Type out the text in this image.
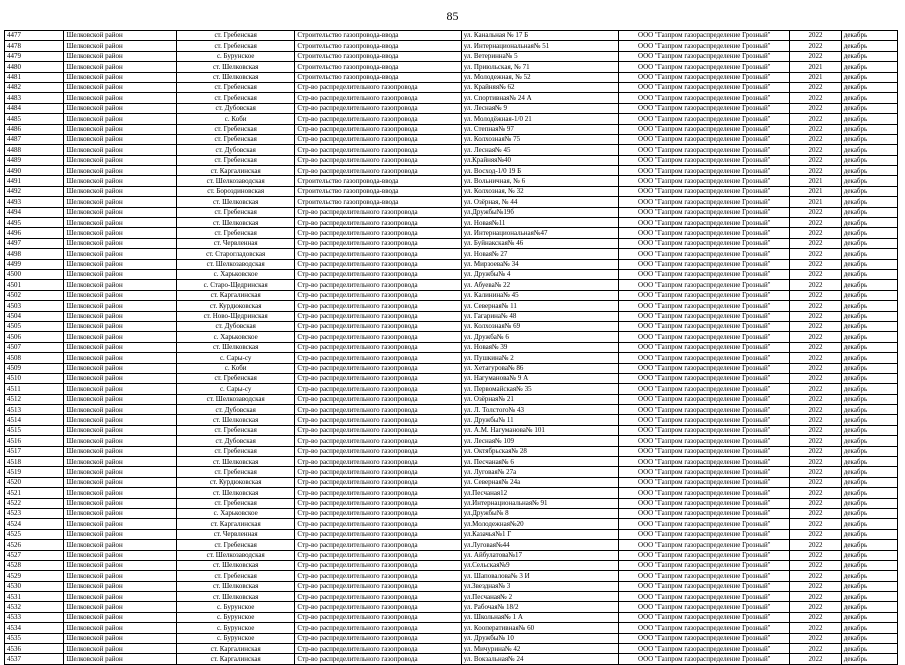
85
4477	Шелковской район	ст. Гребенская	Строительство газопровода-ввода	ул. Канальная № 17 Б	ООО "Газпром газораспределение Грозный"	2022	декабрь
4478	Шелковской район	ст. Гребенская	Строительство газопровода-ввода	ул. Интернациональная№ 51	ООО "Газпром газораспределение Грозный"	2022	декабрь
4479	Шелковской район	с. Бурунское	Строительство газопровода-ввода	ул. Ветеринна№ 5	ООО "Газпром газораспределение Грозный"	2022	декабрь
4480	Шелковской район	ст. Шелковская	Строительство газопровода-ввода	ул. Приюльская, № 71	ООО "Газпром газораспределение Грозный"	2021	декабрь
4481	Шелковской район	ст. Шелковская	Строительство газопровода-ввода	ул. Молодежная, № 52	ООО "Газпром газораспределение Грозный"	2021	декабрь
4482	Шелковской район	ст. Гребенская	Стр-во распределительного газопровода	ул. Крайняя№ 62	ООО "Газпром газораспределение Грозный"	2022	декабрь
4483	Шелковской район	ст. Гребенская	Стр-во распределительного газопровода	ул. Спортивная№ 24 А	ООО "Газпром газораспределение Грозный"	2022	декабрь
4484	Шелковской район	ст. Дубовская	Стр-во распределительного газопровода	ул. Лесная№ 9	ООО "Газпром газораспределение Грозный"	2022	декабрь
4485	Шелковской район	с. Коби	Стр-во распределительного газопровода	ул. Молодёжная-1/0 21	ООО "Газпром газораспределение Грозный"	2022	декабрь
4486	Шелковской район	ст. Гребенская	Стр-во распределительного газопровода	ул. Степная№ 97	ООО "Газпром газораспределение Грозный"	2022	декабрь
4487	Шелковской район	ст. Гребенская	Стр-во распределительного газопровода	ул. Колхозная№ 75	ООО "Газпром газораспределение Грозный"	2022	декабрь
4488	Шелковской район	ст. Дубовская	Стр-во распределительного газопровода	ул. Лесная№ 45	ООО "Газпром газораспределение Грозный"	2022	декабрь
4489	Шелковской район	ст. Гребенская	Стр-во распределительного газопровода	ул.Крайняя№40	ООО "Газпром газораспределение Грозный"	2022	декабрь
4490	Шелковской район	ст. Каргалинская	Стр-во распределительного газопровода	ул. Восход-1/0 19 Б	ООО "Газпром газораспределение Грозный"	2022	декабрь
4491	Шелковской район	ст. Шелкозаводская	Строительство газопровода-ввода	ул. Вольничная, № 6	ООО "Газпром газораспределение Грозный"	2021	декабрь
4492	Шелковской район	ст. Бороздиновская	Строительство газопровода-ввода	ул. Колхозная, № 32	ООО "Газпром газораспределение Грозный"	2021	декабрь
4493	Шелковской район	ст. Шелковская	Строительство газопровода-ввода	ул. Озёрная, № 44	ООО "Газпром газораспределение Грозный"	2021	декабрь
4494	Шелковской район	ст. Гребенская	Стр-во распределительного газопровода	ул.Дружбы№19б	ООО "Газпром газораспределение Грозный"	2022	декабрь
4495	Шелковской район	ст. Шелковская	Стр-во распределительного газопровода	ул. Новая№11	ООО "Газпром газораспределение Грозный"	2022	декабрь
4496	Шелковской район	ст. Гребенская	Стр-во распределительного газопровода	ул. Интернациональная№47	ООО "Газпром газораспределение Грозный"	2022	декабрь
4497	Шелковской район	ст. Червленная	Стр-во распределительного газопровода	ул. Буйнакская№ 46	ООО "Газпром газораспределение Грозный"	2022	декабрь
4498	Шелковской район	ст. Старогладовская	Стр-во распределительного газопровода	ул. Новая№ 27	ООО "Газпром газораспределение Грозный"	2022	декабрь
4499	Шелковской район	ст. Шелкозаводская	Стр-во распределительного газопровода	ул. Мирзоева№ 34	ООО "Газпром газораспределение Грозный"	2022	декабрь
4500	Шелковской район	с. Харьковское	Стр-во распределительного газопровода	ул. Дружбы№ 4	ООО "Газпром газораспределение Грозный"	2022	декабрь
4501	Шелковской район	с. Старо-Щедринская	Стр-во распределительного газопровода	ул. Абуева№ 22	ООО "Газпром газораспределение Грозный"	2022	декабрь
4502	Шелковской район	ст. Каргалинская	Стр-во распределительного газопровода	ул. Калинина№ 45	ООО "Газпром газораспределение Грозный"	2022	декабрь
4503	Шелковской район	ст. Курдюковская	Стр-во распределительного газопровода	ул. Северная№ 11	ООО "Газпром газораспределение Грозный"	2022	декабрь
4504	Шелковской район	ст. Ново-Щедринская	Стр-во распределительного газопровода	ул. Гагарина№ 48	ООО "Газпром газораспределение Грозный"	2022	декабрь
4505	Шелковской район	ст. Дубовская	Стр-во распределительного газопровода	ул. Колхозная№ 69	ООО "Газпром газораспределение Грозный"	2022	декабрь
4506	Шелковской район	с. Харьковское	Стр-во распределительного газопровода	ул. Дружба№ 6	ООО "Газпром газораспределение Грозный"	2022	декабрь
4507	Шелковской район	ст. Шелковская	Стр-во распределительного газопровода	ул. Новая№ 39	ООО "Газпром газораспределение Грозный"	2022	декабрь
4508	Шелковской район	с. Сары-су	Стр-во распределительного газопровода	ул. Пушкина№ 2	ООО "Газпром газораспределение Грозный"	2022	декабрь
4509	Шелковской район	с. Коби	Стр-во распределительного газопровода	ул. Хетагурова№ 86	ООО "Газпром газораспределение Грозный"	2022	декабрь
4510	Шелковской район	ст. Гребенская	Стр-во распределительного газопровода	ул. Нагуманова№ 9 А	ООО "Газпром газораспределение Грозный"	2022	декабрь
4511	Шелковской район	с. Сары-су	Стр-во распределительного газопровода	ул. Первомайская№ 35	ООО "Газпром газораспределение Грозный"	2022	декабрь
4512	Шелковской район	ст. Шелкозаводская	Стр-во распределительного газопровода	ул. Озёрная№ 21	ООО "Газпром газораспределение Грозный"	2022	декабрь
4513	Шелковской район	ст. Дубовская	Стр-во распределительного газопровода	ул. Л. Толстого№ 43	ООО "Газпром газораспределение Грозный"	2022	декабрь
4514	Шелковской район	ст. Шелковская	Стр-во распределительного газопровода	ул. Дружбы№ 11	ООО "Газпром газораспределение Грозный"	2022	декабрь
4515	Шелковской район	ст. Гребенская	Стр-во распределительного газопровода	ул. А.М. Нагуманова№ 101	ООО "Газпром газораспределение Грозный"	2022	декабрь
4516	Шелковской район	ст. Дубовская	Стр-во распределительного газопровода	ул. Лесная№ 109	ООО "Газпром газораспределение Грозный"	2022	декабрь
4517	Шелковской район	ст. Гребенская	Стр-во распределительного газопровода	ул. Октябрьская№ 28	ООО "Газпром газораспределение Грозный"	2022	декабрь
4518	Шелковской район	ст. Шелковская	Стр-во распределительного газопровода	ул. Песчаная№ 6	ООО "Газпром газораспределение Грозный"	2022	декабрь
4519	Шелковской район	ст. Гребенская	Стр-во распределительного газопровода	ул. Луговая№ 27а	ООО "Газпром газораспределение Грозный"	2022	декабрь
4520	Шелковской район	ст. Курдюковская	Стр-во распределительного газопровода	ул. Северная№ 24а	ООО "Газпром газораспределение Грозный"	2022	декабрь
4521	Шелковской район	ст. Шелковская	Стр-во распределительного газопровода	ул.Песчаная12	ООО "Газпром газораспределение Грозный"	2022	декабрь
4522	Шелковской район	ст. Гребенская	Стр-во распределительного газопровода	ул.Интернациональная№ 91	ООО "Газпром газораспределение Грозный"	2022	декабрь
4523	Шелковской район	с. Харьковское	Стр-во распределительного газопровода	ул.Дружбы№ 8	ООО "Газпром газораспределение Грозный"	2022	декабрь
4524	Шелковской район	ст. Каргалинская	Стр-во распределительного газопровода	ул.Молодежная№20	ООО "Газпром газораспределение Грозный"	2022	декабрь
4525	Шелковской район	ст. Червленная	Стр-во распределительного газопровода	ул.Казачья№1 Г	ООО "Газпром газораспределение Грозный"	2022	декабрь
4526	Шелковской район	ст. Гребенская	Стр-во распределительного газопровода	ул.Луговая№44	ООО "Газпром газораспределение Грозный"	2022	декабрь
4527	Шелковской район	ст. Шелкозаводская	Стр-во распределительного газопровода	ул. Айбулатова№17	ООО "Газпром газораспределение Грозный"	2022	декабрь
4528	Шелковской район	ст. Шелковская	Стр-во распределительного газопровода	ул.Сельская№9	ООО "Газпром газораспределение Грозный"	2022	декабрь
4529	Шелковской район	ст. Гребенская	Стр-во распределительного газопровода	ул. Шаповалова№ 3 И	ООО "Газпром газораспределение Грозный"	2022	декабрь
4530	Шелковской район	ст. Шелковская	Стр-во распределительного газопровода	ул.Звездная№ 3	ООО "Газпром газораспределение Грозный"	2022	декабрь
4531	Шелковской район	ст. Шелковская	Стр-во распределительного газопровода	ул.Песчаная№ 2	ООО "Газпром газораспределение Грозный"	2022	декабрь
4532	Шелковской район	с. Бурунское	Стр-во распределительного газопровода	ул. Рабочая№ 18/2	ООО "Газпром газораспределение Грозный"	2022	декабрь
4533	Шелковской район	с. Бурунское	Стр-во распределительного газопровода	ул. Школьная№ 1 А	ООО "Газпром газораспределение Грозный"	2022	декабрь
4534	Шелковской район	с. Бурунское	Стр-во распределительного газопровода	ул. Кооперативная№ 60	ООО "Газпром газораспределение Грозный"	2022	декабрь
4535	Шелковской район	с. Бурунское	Стр-во распределительного газопровода	ул. Дружбы№ 10	ООО "Газпром газораспределение Грозный"	2022	декабрь
4536	Шелковской район	ст. Каргалинская	Стр-во распределительного газопровода	ул. Мичурина№ 42	ООО "Газпром газораспределение Грозный"	2022	декабрь
4537	Шелковской район	ст. Каргалинская	Стр-во распределительного газопровода	ул. Вокзальная№ 24	ООО "Газпром газораспределение Грозный"	2022	декабрь
